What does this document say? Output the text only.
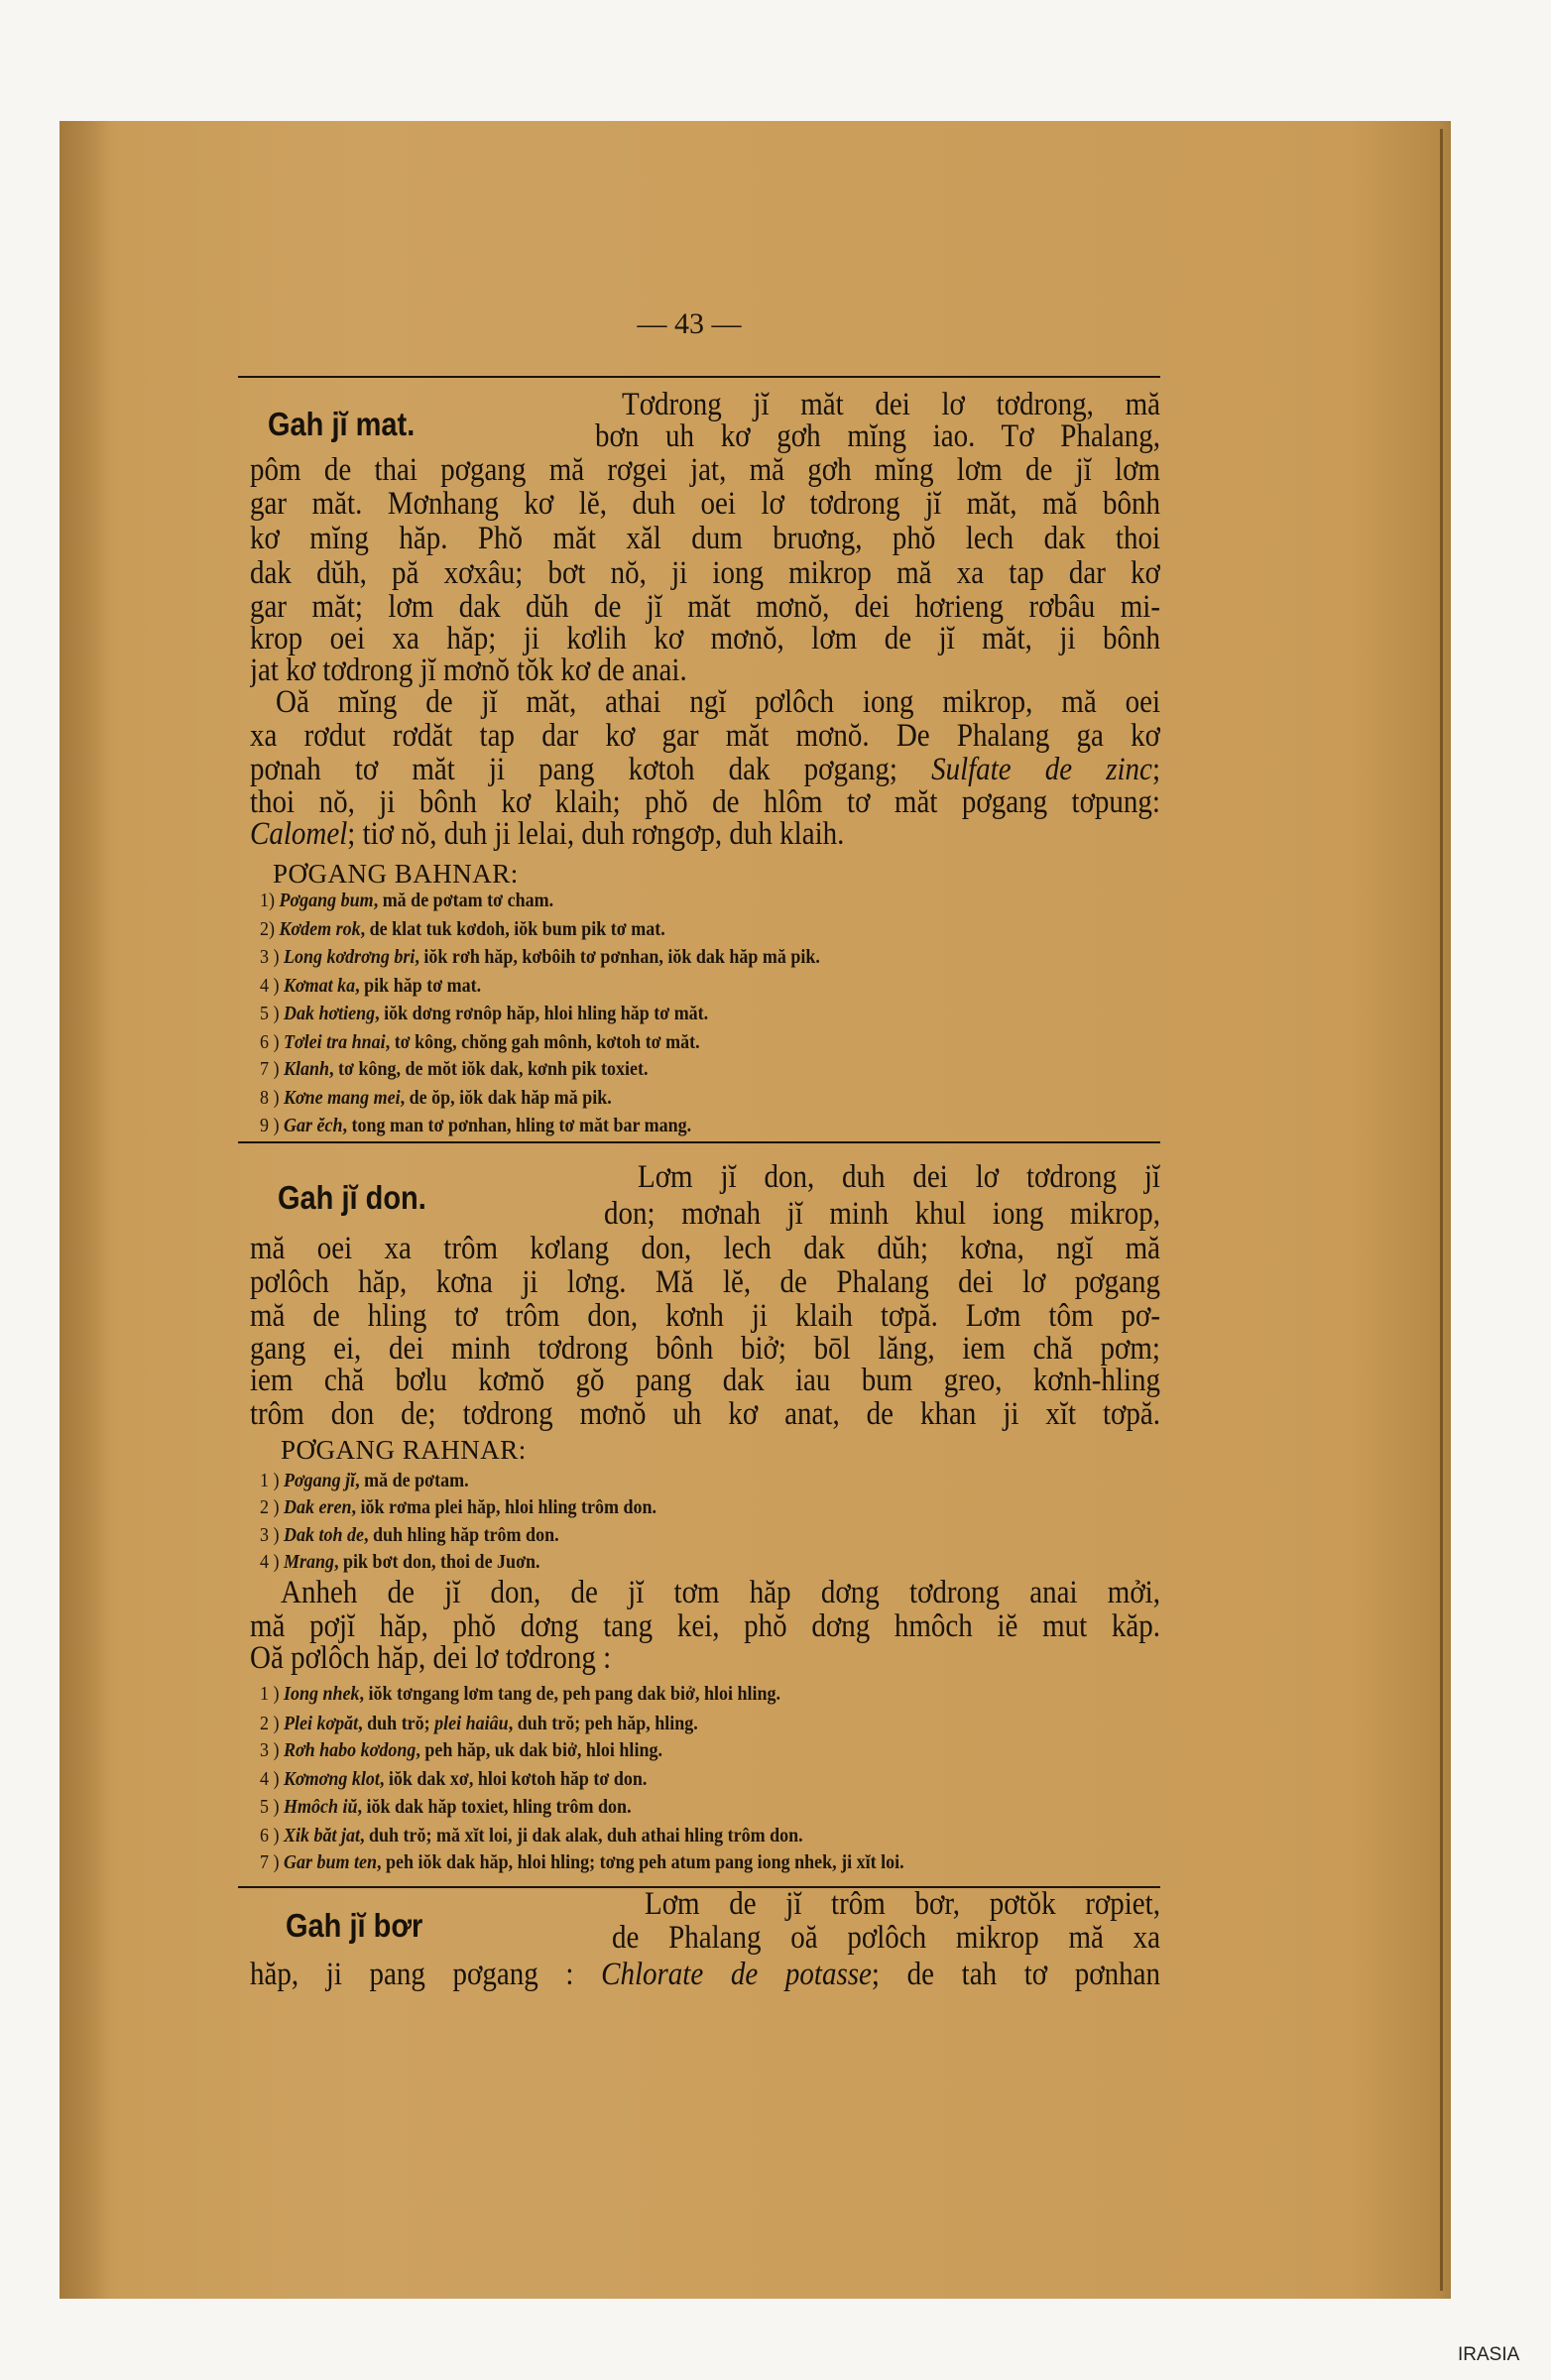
— 43 —
Gah jĭ mat.
Tơdrong jĭ măt dei lơ tơdrong, mă
bơn uh kơ gơh mĭng iao. Tơ Phalang,
pôm de thai pơgang mă rơgei jat, mă gơh mĭng lơm de jĭ lơm
gar măt. Mơnhang kơ lĕ, duh oei lơ tơdrong jĭ măt, mă bônh
kơ mĭng hăp. Phŏ măt xăl dum bruơng, phŏ lech dak thoi
dak dŭh, pă xơxâu; bơt nŏ, ji iong mikrop mă xa tap dar kơ
gar măt; lơm dak dŭh de jĭ măt mơnŏ, dei hơrieng rơbâu mi-
krop oei xa hăp; ji kơlih kơ mơnŏ, lơm de jĭ măt, ji bônh
jat kơ tơdrong jĭ mơnŏ tŏk kơ de anai.
Oă mĭng de jĭ măt, athai ngĭ pơlôch iong mikrop, mă oei
xa rơdut rơdăt tap dar kơ gar măt mơnŏ. De Phalang ga kơ
pơnah tơ măt ji pang kơtoh dak pơgang; Sulfate de zinc;
thoi nŏ, ji bônh kơ klaih; phŏ de hlôm tơ măt pơgang tơpung:
Calomel; tiơ nŏ, duh ji lelai, duh rơngơp, duh klaih.
PƠGANG BAHNAR:
1) Pơgang bum, mă de pơtam tơ cham.
2) Kơdem rok, de klat tuk kơdoh, iŏk bum pik tơ mat.
3 ) Long kơdrơng bri, iŏk rơh hăp, kơbôih tơ pơnhan, iŏk dak hăp mă pik.
4 ) Kơmat ka, pik hăp tơ mat.
5 ) Dak hơtieng, iŏk dơng rơnôp hăp, hloi hling hăp tơ măt.
6 ) Tơlei tra hnai, tơ kông, chŏng gah mônh, kơtoh tơ măt.
7 ) Klanh, tơ kông, de mŏt iŏk dak, kơnh pik toxiet.
8 ) Kơne mang mei, de ŏp, iŏk dak hăp mă pik.
9 ) Gar ĕch, tong man tơ pơnhan, hling tơ măt bar mang.
Gah jĭ don.
Lơm jĭ don, duh dei lơ tơdrong jĭ
don; mơnah jĭ minh khul iong mikrop,
mă oei xa trôm kơlang don, lech dak dŭh; kơna, ngĭ mă
pơlôch hăp, kơna ji lơng. Mă lĕ, de Phalang dei lơ pơgang
mă de hling tơ trôm don, kơnh ji klaih tơpă. Lơm tôm pơ-
gang ei, dei minh tơdrong bônh biở; bōl lăng, iem chă pơm;
iem chă bơlu kơmŏ gŏ pang dak iau bum greo, kơnh-hling
trôm don de; tơdrong mơnŏ uh kơ anat, de khan ji xĭt tơpă.
PƠGANG RAHNAR:
1 ) Pơgang jĭ, mă de pơtam.
2 ) Dak eren, iŏk rơma plei hăp, hloi hling trôm don.
3 ) Dak toh de, duh hling hăp trôm don.
4 ) Mrang, pik bơt don, thoi de Juơn.
Anheh de jĭ don, de jĭ tơm hăp dơng tơdrong anai mởi,
mă pơjĭ hăp, phŏ dơng tang kei, phŏ dơng hmôch iĕ mut kăp.
Oă pơlôch hăp, dei lơ tơdrong :
1 ) Iong nhek, iŏk tơngang lơm tang de, peh pang dak biở, hloi hling.
2 ) Plei kơpăt, duh trŏ; plei haiâu, duh trŏ; peh hăp, hling.
3 ) Rơh habo kơdong, peh hăp, uk dak biở, hloi hling.
4 ) Kơmơng klot, iŏk dak xơ, hloi kơtoh hăp tơ don.
5 ) Hmôch iŭ, iŏk dak hăp toxiet, hling trôm don.
6 ) Xik băt jat, duh trŏ; mă xĭt loi, ji dak alak, duh athai hling trôm don.
7 ) Gar bum ten, peh iŏk dak hăp, hloi hling; tơng peh atum pang iong nhek, ji xĭt loi.
Gah jĭ bơr
Lơm de jĭ trôm bơr, pơtŏk rơpiet,
de Phalang oă pơlôch mikrop mă xa
hăp, ji pang pơgang : Chlorate de potasse; de tah tơ pơnhan
IRASIA
